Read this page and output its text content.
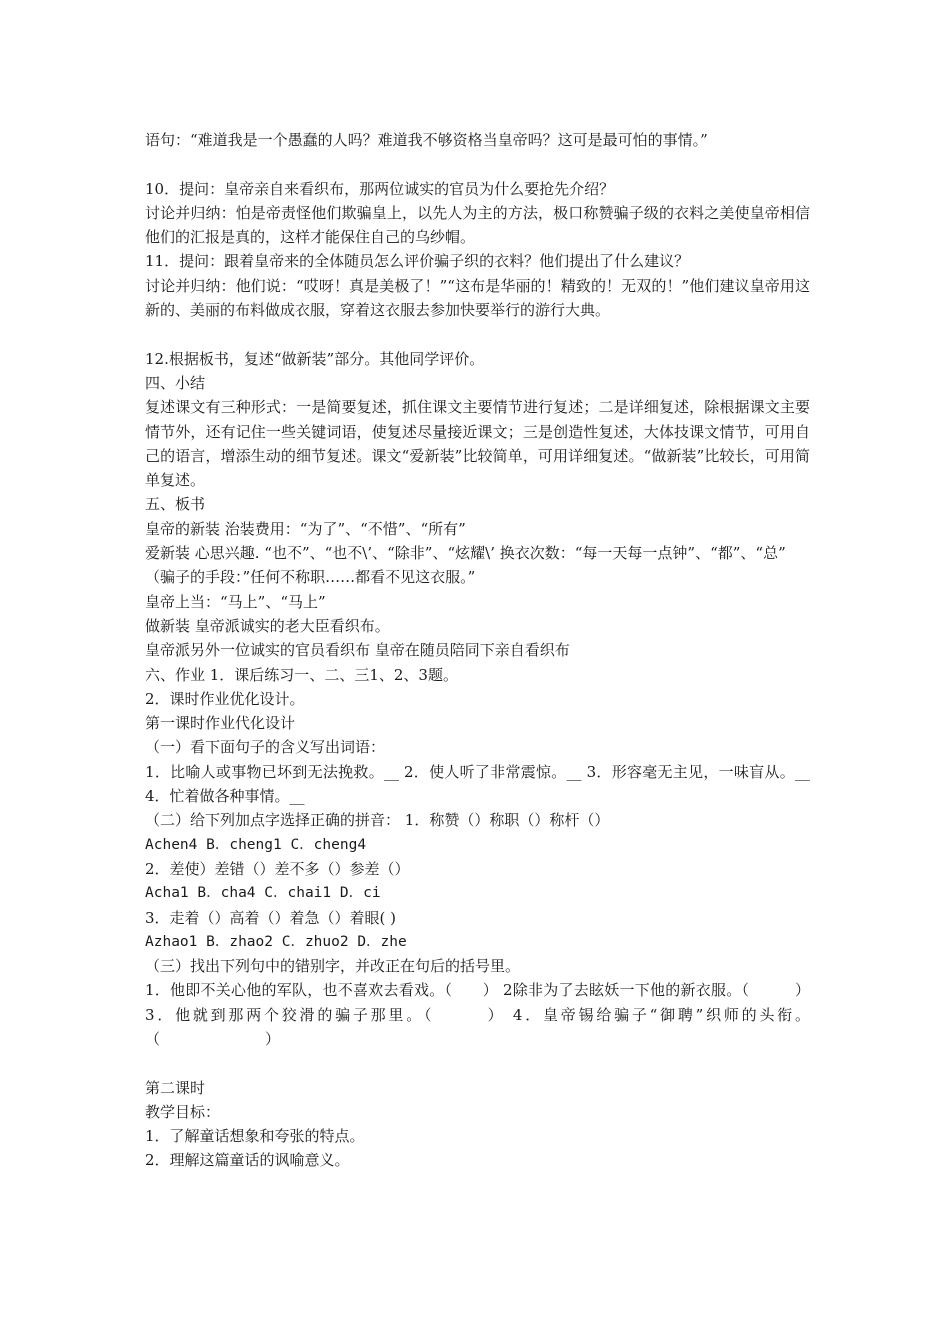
语句：“难道我是一个愚蠢的人吗？难道我不够资格当皇帝吗？这可是最可怕的事情。”
10．提问：皇帝亲自来看织布，那两位诚实的官员为什么要抢先介绍？
讨论并归纳：怕是帝责怪他们欺骗皇上，以先人为主的方法，极口称赞骗子级的衣料之美使皇帝相信他们的汇报是真的，这样才能保住自己的乌纱帽。
11．提问：跟着皇帝来的全体随员怎么评价骗子织的衣料？他们提出了什么建议？
讨论并归纳：他们说：“哎呀！真是美极了！”“这布是华丽的！精致的！无双的！”他们建议皇帝用这新的、美丽的布料做成衣服，穿着这衣服去参加快要举行的游行大典。
12.根据板书，复述“做新装”部分。其他同学评价。
四、小结
复述课文有三种形式：一是简要复述，抓住课文主要情节进行复述；二是详细复述，除根据课文主要情节外，还有记住一些关键词语，使复述尽量接近课文；三是创造性复述，大体技课文情节，可用自己的语言，增添生动的细节复述。课文“爱新装”比较简单，可用详细复述。“做新装”比较长，可用简单复述。
五、板书
皇帝的新装 治装费用：“为了”、“不惜”、“所有”
爱新装 心思兴趣. “也不”、“也不\’、“除非”、“炫耀\’ 换衣次数：“每一天每一点钟”、“都”、“总”
（骗子的手段：”任何不称职……都看不见这衣服。”
皇帝上当：“马上”、“马上”
做新装 皇帝派诚实的老大臣看织布。
皇帝派另外一位诚实的官员看织布 皇帝在随员陪同下亲自看织布
六、作业 1．课后练习一、二、三1、2、3题。
2．课时作业优化设计。
第一课时作业代化设计
（一）看下面句子的含义写出词语：
1．比喻人或事物已坏到无法挽救。__ 2．使人听了非常震惊。__ 3．形容毫无主见，一味盲从。__ 4．忙着做各种事情。__
（二）给下列加点字选择正确的拼音： 1．称赞（）称职（）称杆（）
Achen4 B．cheng1 C．cheng4
2．差使）差错（）差不多（）参差（）
Acha1 B．cha4 C．chai1 D．ci
3．走着（）高着（）着急（）着眼( )
Azhao1 B．zhao2 C．zhuo2 D．zhe
（三）找出下列句中的错别字，并改正在句后的括号里。
1．他即不关心他的军队，也不喜欢去看戏。（　　） 2除非为了去眩妖一下他的新衣服。（　　　） 3．他就到那两个狡滑的骗子那里。（　　　） 4．皇帝锡给骗子“御聘”织师的头衔。（　　　　　　　）
第二课时
教学目标：
1．了解童话想象和夸张的特点。
2．理解这篇童话的讽喻意义。
